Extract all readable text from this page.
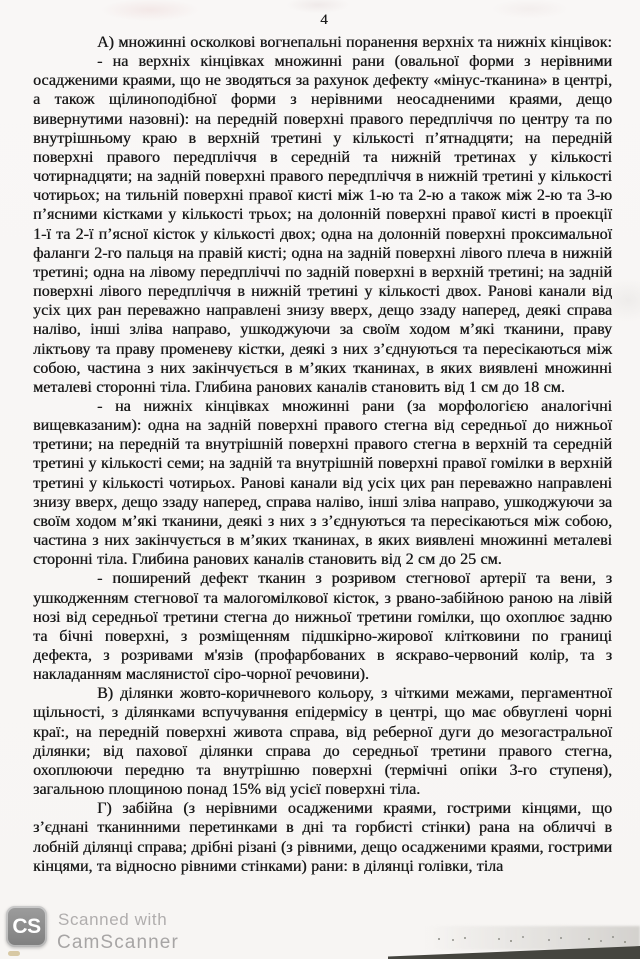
4

А) множинні осколкові вогнепальні поранення верхніх та нижніх кінцівок:

- на верхніх кінцівках множинні рани (овальної форми з нерівними осадженими краями, що не зводяться за рахунок дефекту «мінус-тканина» в центрі, а також щілиноподібної форми з нерівними неосадненими краями, дещо вивернутими назовні): на передній поверхні правого передпліччя по центру та по внутрішньому краю в верхній третині у кількості п’ятнадцяти; на передній поверхні правого передпліччя в середній та нижній третинах у кількості чотирнадцяти; на задній поверхні правого передпліччя в нижній третині у кількості чотирьох; на тильній поверхні правої кисті між 1-ю та 2-ю а також між 2-ю та 3-ю п’ясними кістками у кількості трьох; на долонній поверхні правої кисті в проекції 1-ї та 2-ї п’ясної кісток у кількості двох; одна на долонній поверхні проксимальної фаланги 2-го пальця на правій кисті; одна на задній поверхні лівого плеча в нижній третині; одна на лівому передпліччі по задній поверхні в верхній третині; на задній поверхні лівого передпліччя в нижній третині у кількості двох. Ранові канали від усіх цих ран переважно направлені знизу вверх, дещо ззаду наперед, деякі справа наліво, інші зліва направо, ушкоджуючи за своїм ходом м’які тканини, праву ліктьову та праву променеву кістки, деякі з них з’єднуються та пересікаються між собою, частина з них закінчується в м’яких тканинах, в яких виявлені множинні металеві сторонні тіла. Глибина ранових каналів становить від 1 см до 18 см.

- на нижніх кінцівках множинні рани (за морфологією аналогічні вищевказаним): одна на задній поверхні правого стегна від середньої до нижньої третини; на передній та внутрішній поверхні правого стегна в верхній та середній третині у кількості семи; на задній та внутрішній поверхні правої гомілки в верхній третині у кількості чотирьох. Ранові канали від усіх цих ран переважно направлені знизу вверх, дещо ззаду наперед, справа наліво, інші зліва направо, ушкоджуючи за своїм ходом м’які тканини, деякі з них з з’єднуються та пересікаються між собою, частина з них закінчується в м’яких тканинах, в яких виявлені множинні металеві сторонні тіла. Глибина ранових каналів становить від 2 см до 25 см.

- поширений дефект тканин з розривом стегнової артерії та вени, з ушкодженням стегнової та малогомілкової кісток, з рвано-забійною раною на лівій нозі від середньої третини стегна до нижньої третини гомілки, що охоплює задню та бічні поверхні, з розміщенням підшкірно-жирової клітковини по границі дефекта, з розривами м'язів (профарбованих в яскраво-червоний колір, та з накладанням маслянистої сіро-чорної речовини).

В) ділянки жовто-коричневого кольору, з чіткими межами, пергаментної щільності, з ділянками вспучування епідермісу в центрі, що має обвуглені чорні краї:, на передній поверхні живота справа, від реберної дуги до мезогастральної ділянки; від пахової ділянки справа до середньої третини правого стегна, охоплюючи передню та внутрішню поверхні (термічні опіки 3-го ступеня), загальною площиною понад 15% від усієї поверхні тіла.

Г) забійна (з нерівними осадженими краями, гострими кінцями, що з’єднані тканинними перетинками в дні та горбисті стінки) рана на обличчі в лобній ділянці справа; дрібні різані (з рівними, дещо осадженими краями, гострими кінцями, та відносно рівними стінками) рани: в ділянці голівки, тіла

CS	Scanned with
CamScanner
